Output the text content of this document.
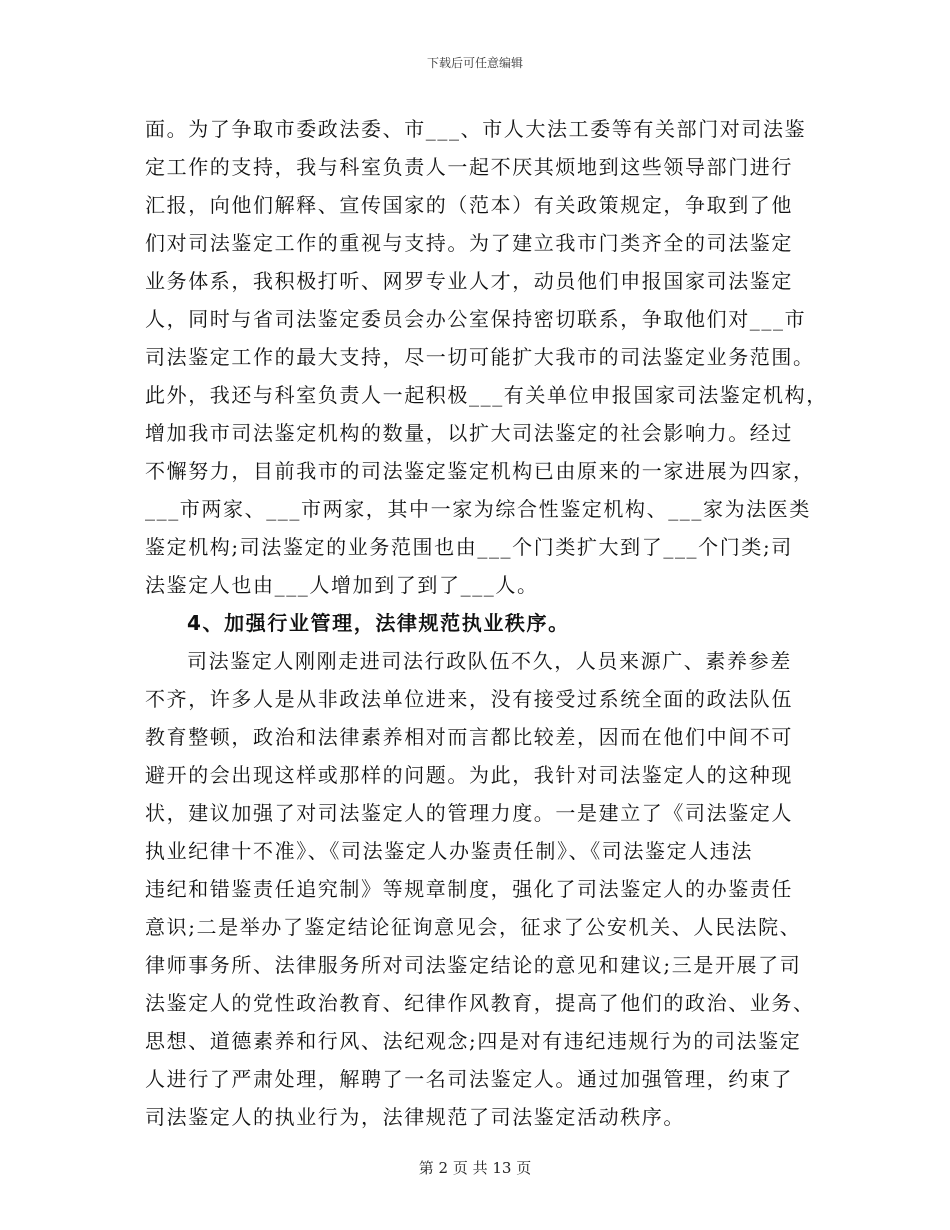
下载后可任意编辑
面。为了争取市委政法委、市___、市人大法工委等有关部门对司法鉴
定工作的支持，我与科室负责人一起不厌其烦地到这些领导部门进行
汇报，向他们解释、宣传国家的（范本）有关政策规定，争取到了他
们对司法鉴定工作的重视与支持。为了建立我市门类齐全的司法鉴定
业务体系，我积极打听、网罗专业人才，动员他们申报国家司法鉴定
人，同时与省司法鉴定委员会办公室保持密切联系，争取他们对___市
司法鉴定工作的最大支持，尽一切可能扩大我市的司法鉴定业务范围。
此外，我还与科室负责人一起积极___有关单位申报国家司法鉴定机构，
增加我市司法鉴定机构的数量，以扩大司法鉴定的社会影响力。经过
不懈努力，目前我市的司法鉴定鉴定机构已由原来的一家进展为四家，
___市两家、___市两家，其中一家为综合性鉴定机构、___家为法医类
鉴定机构;司法鉴定的业务范围也由___个门类扩大到了___个门类;司
法鉴定人也由___人增加到了到了___人。
4、加强行业管理，法律规范执业秩序。
司法鉴定人刚刚走进司法行政队伍不久，人员来源广、素养参差
不齐，许多人是从非政法单位进来，没有接受过系统全面的政法队伍
教育整顿，政治和法律素养相对而言都比较差，因而在他们中间不可
避开的会出现这样或那样的问题。为此，我针对司法鉴定人的这种现
状，建议加强了对司法鉴定人的管理力度。一是建立了《司法鉴定人
执业纪律十不准》、《司法鉴定人办鉴责任制》、《司法鉴定人违法
违纪和错鉴责任追究制》等规章制度，强化了司法鉴定人的办鉴责任
意识;二是举办了鉴定结论征询意见会，征求了公安机关、人民法院、
律师事务所、法律服务所对司法鉴定结论的意见和建议;三是开展了司
法鉴定人的党性政治教育、纪律作风教育，提高了他们的政治、业务、
思想、道德素养和行风、法纪观念;四是对有违纪违规行为的司法鉴定
人进行了严肃处理，解聘了一名司法鉴定人。通过加强管理，约束了
司法鉴定人的执业行为，法律规范了司法鉴定活动秩序。
第 2 页 共 13 页
